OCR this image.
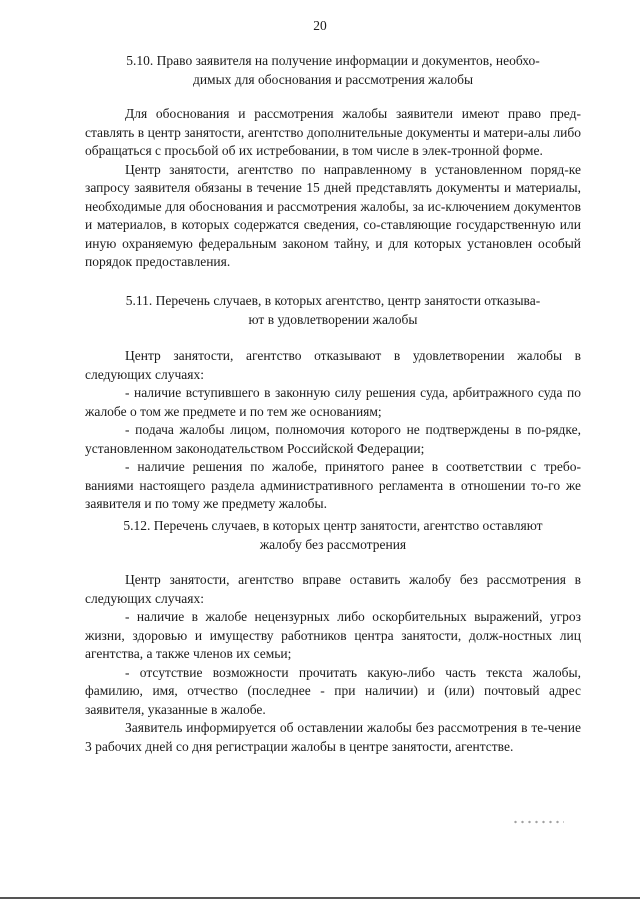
20

5.10. Право заявителя на получение информации и документов, необхо-

димых для обоснования и рассмотрения жалобы

Для обоснования и рассмотрения жалобы заявители имеют право пред-ставлять в центр занятости, агентство дополнительные документы и матери-алы либо обращаться с просьбой об их истребовании, в том числе в элек-тронной форме.

Центр занятости, агентство по направленному в установленном поряд-ке запросу заявителя обязаны в течение 15 дней представлять документы и материалы, необходимые для обоснования и рассмотрения жалобы, за ис-ключением документов и материалов, в которых содержатся сведения, со-ставляющие государственную или иную охраняемую федеральным законом тайну, и для которых установлен особый порядок предоставления.

5.11. Перечень случаев, в которых агентство, центр занятости отказыва-

ют в удовлетворении жалобы

Центр занятости, агентство отказывают в удовлетворении жалобы в следующих случаях:

- наличие вступившего в законную силу решения суда, арбитражного суда по жалобе о том же предмете и по тем же основаниям;

- подача жалобы лицом, полномочия которого не подтверждены в по-рядке, установленном законодательством Российской Федерации;

- наличие решения по жалобе, принятого ранее в соответствии с требо-ваниями настоящего раздела административного регламента в отношении то-го же заявителя и по тому же предмету жалобы.

5.12. Перечень случаев, в которых центр занятости, агентство оставляют

жалобу без рассмотрения

Центр занятости, агентство вправе оставить жалобу без рассмотрения в следующих случаях:

- наличие в жалобе нецензурных либо оскорбительных выражений, угроз жизни, здоровью и имуществу работников центра занятости, долж-ностных лиц агентства, а также членов их семьи;

- отсутствие возможности прочитать какую-либо часть текста жалобы, фамилию, имя, отчество (последнее - при наличии) и (или) почтовый адрес заявителя, указанные в жалобе.

Заявитель информируется об оставлении жалобы без рассмотрения в те-чение 3 рабочих дней со дня регистрации жалобы в центре занятости, агентстве.
